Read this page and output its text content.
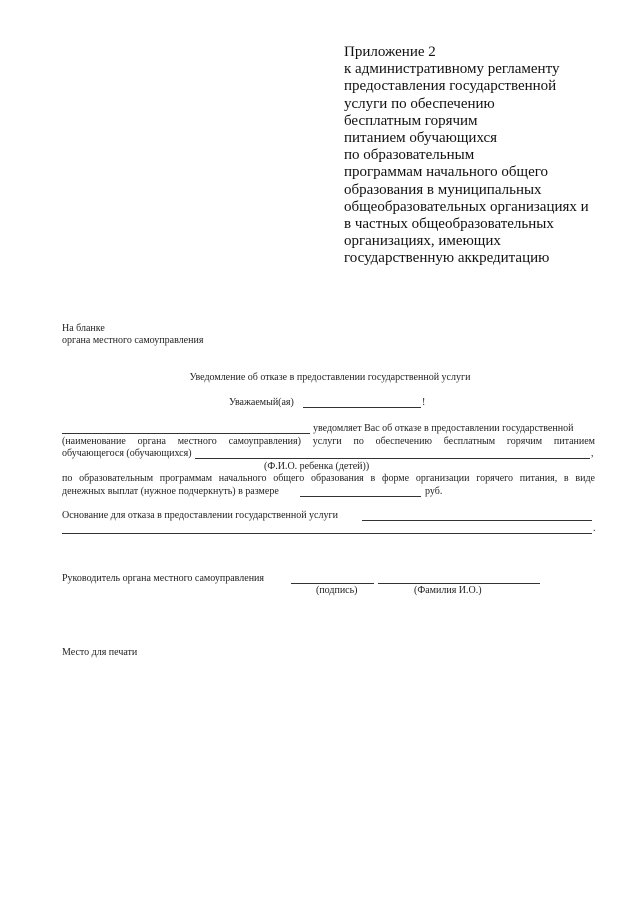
Приложение 2
к административному регламенту
предоставления государственной
услуги по обеспечению
бесплатным горячим
питанием обучающихся
по образовательным
программам начального общего
образования в муниципальных
общеобразовательных организациях и
в частных общеобразовательных
организациях, имеющих
государственную аккредитацию
На бланке
органа местного самоуправления
Уведомление об отказе в предоставлении государственной услуги
Уважаемый(ая)	!
уведомляет Вас об отказе в предоставлении государственной
(наименование органа местного самоуправления) услуги по обеспечению бесплатным горячим питанием
обучающегося (обучающихся)	,
(Ф.И.О. ребенка (детей))
по образовательным программам начального общего образования в форме организации горячего питания, в виде
денежных выплат (нужное подчеркнуть) в размере	руб.
Основание для отказа в предоставлении государственной услуги
.
Руководитель органа местного самоуправления
(подпись)	(Фамилия И.О.)
Место для печати
